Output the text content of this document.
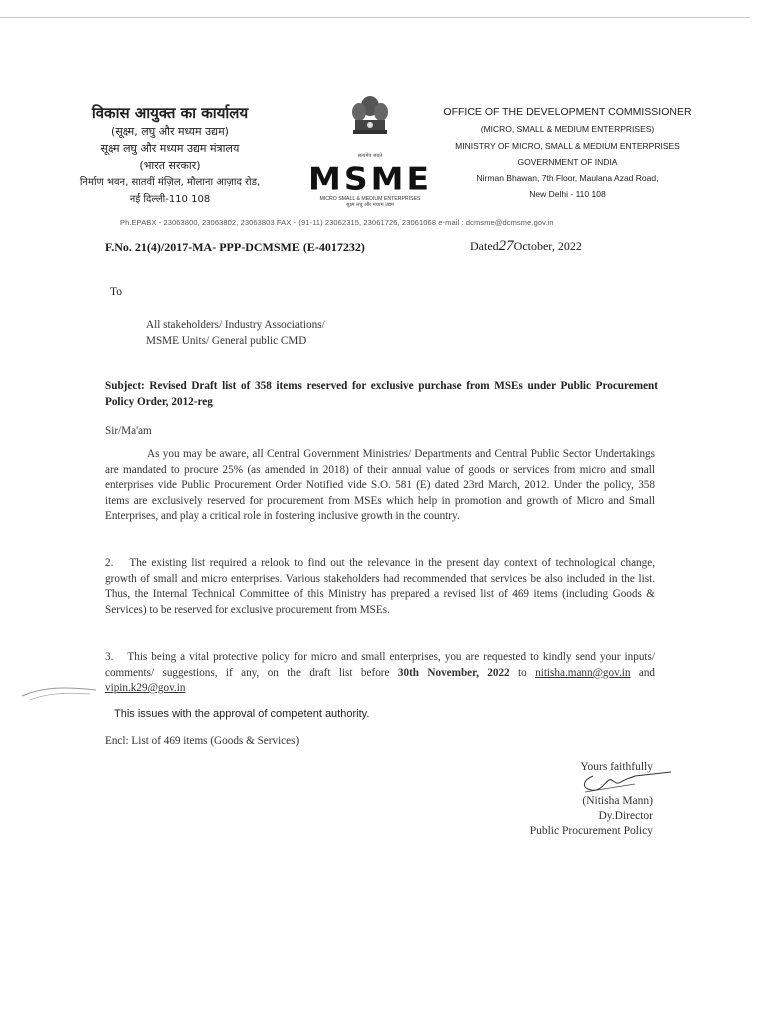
विकास आयुक्त का कार्यालय
(सूक्ष्म, लघु और मध्यम उद्यम)
सूक्ष्म लघु और मध्यम उद्यम मंत्रालय
(भारत सरकार)
निर्माण भवन, सातवीं मंज़िल, मौलाना आज़ाद रोड,
नई दिल्ली-110 108
सत्यमेव जयते
MSME
MICRO SMALL & MEDIUM ENTERPRISES
सूक्ष्म लघु और मध्यम उद्यम
OFFICE OF THE DEVELOPMENT COMMISSIONER
(MICRO, SMALL & MEDIUM ENTERPRISES)
MINISTRY OF MICRO, SMALL & MEDIUM ENTERPRISES
GOVERNMENT OF INDIA
Nirman Bhawan, 7th Floor, Maulana Azad Road,
New Delhi - 110 108
Ph.EPABX - 23063800, 23063802, 23063803 FAX - (91-11) 23062315, 23061726, 23061068 e-mail : dcmsme@dcmsme.gov.in
F.No. 21(4)/2017-MA- PPP-DCMSME (E-4017232)	Dated27October, 2022
To
All stakeholders/ Industry Associations/
MSME Units/ General public CMD
Subject: Revised Draft list of 358 items reserved for exclusive purchase from MSEs under Public Procurement Policy Order, 2012-reg
Sir/Ma'am
As you may be aware, all Central Government Ministries/ Departments and Central Public Sector Undertakings are mandated to procure 25% (as amended in 2018) of their annual value of goods or services from micro and small enterprises vide Public Procurement Order Notified vide S.O. 581 (E) dated 23rd March, 2012. Under the policy, 358 items are exclusively reserved for procurement from MSEs which help in promotion and growth of Micro and Small Enterprises, and play a critical role in fostering inclusive growth in the country.
2. The existing list required a relook to find out the relevance in the present day context of technological change, growth of small and micro enterprises. Various stakeholders had recommended that services be also included in the list. Thus, the Internal Technical Committee of this Ministry has prepared a revised list of 469 items (including Goods & Services) to be reserved for exclusive procurement from MSEs.
3. This being a vital protective policy for micro and small enterprises, you are requested to kindly send your inputs/ comments/ suggestions, if any, on the draft list before 30th November, 2022 to nitisha.mann@gov.in and vipin.k29@gov.in
This issues with the approval of competent authority.
Encl: List of 469 items (Goods & Services)
Yours faithfully
(Nitisha Mann)
Dy.Director
Public Procurement Policy
